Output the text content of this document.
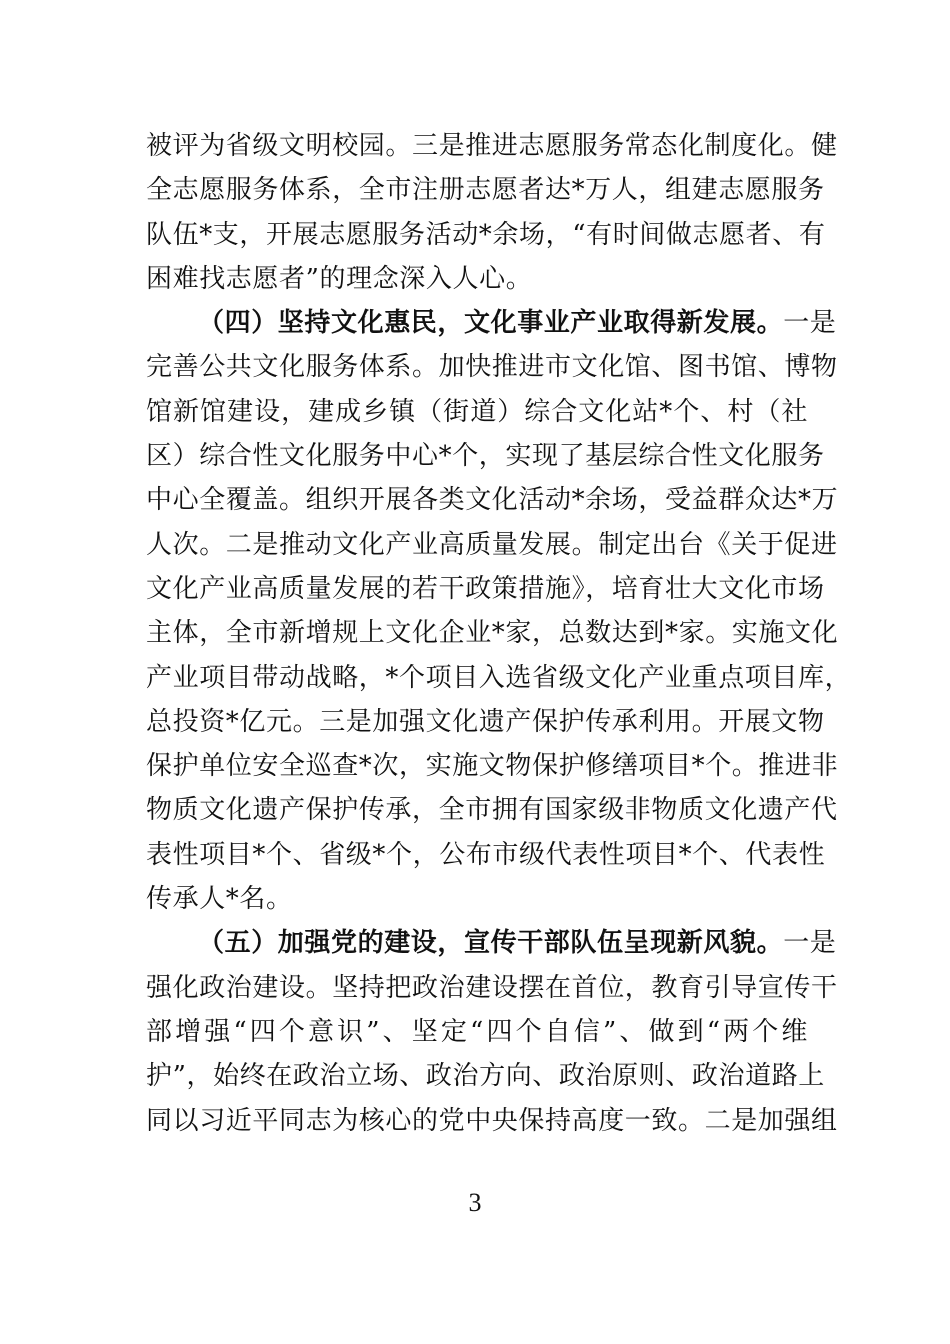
被评为省级文明校园。三是推进志愿服务常态化制度化。健
全志愿服务体系，全市注册志愿者达*万人，组建志愿服务
队伍*支，开展志愿服务活动*余场，“有时间做志愿者、有
困难找志愿者”的理念深入人心。
（四）坚持文化惠民，文化事业产业取得新发展。一是
完善公共文化服务体系。加快推进市文化馆、图书馆、博物
馆新馆建设，建成乡镇（街道）综合文化站*个、村（社
区）综合性文化服务中心*个，实现了基层综合性文化服务
中心全覆盖。组织开展各类文化活动*余场，受益群众达*万
人次。二是推动文化产业高质量发展。制定出台《关于促进
文化产业高质量发展的若干政策措施》，培育壮大文化市场
主体，全市新增规上文化企业*家，总数达到*家。实施文化
产业项目带动战略，*个项目入选省级文化产业重点项目库，
总投资*亿元。三是加强文化遗产保护传承利用。开展文物
保护单位安全巡查*次，实施文物保护修缮项目*个。推进非
物质文化遗产保护传承，全市拥有国家级非物质文化遗产代
表性项目*个、省级*个，公布市级代表性项目*个、代表性
传承人*名。
（五）加强党的建设，宣传干部队伍呈现新风貌。一是
强化政治建设。坚持把政治建设摆在首位，教育引导宣传干
部增强“四个意识”、坚定“四个自信”、做到“两个维
护”，始终在政治立场、政治方向、政治原则、政治道路上
同以习近平同志为核心的党中央保持高度一致。二是加强组
3
